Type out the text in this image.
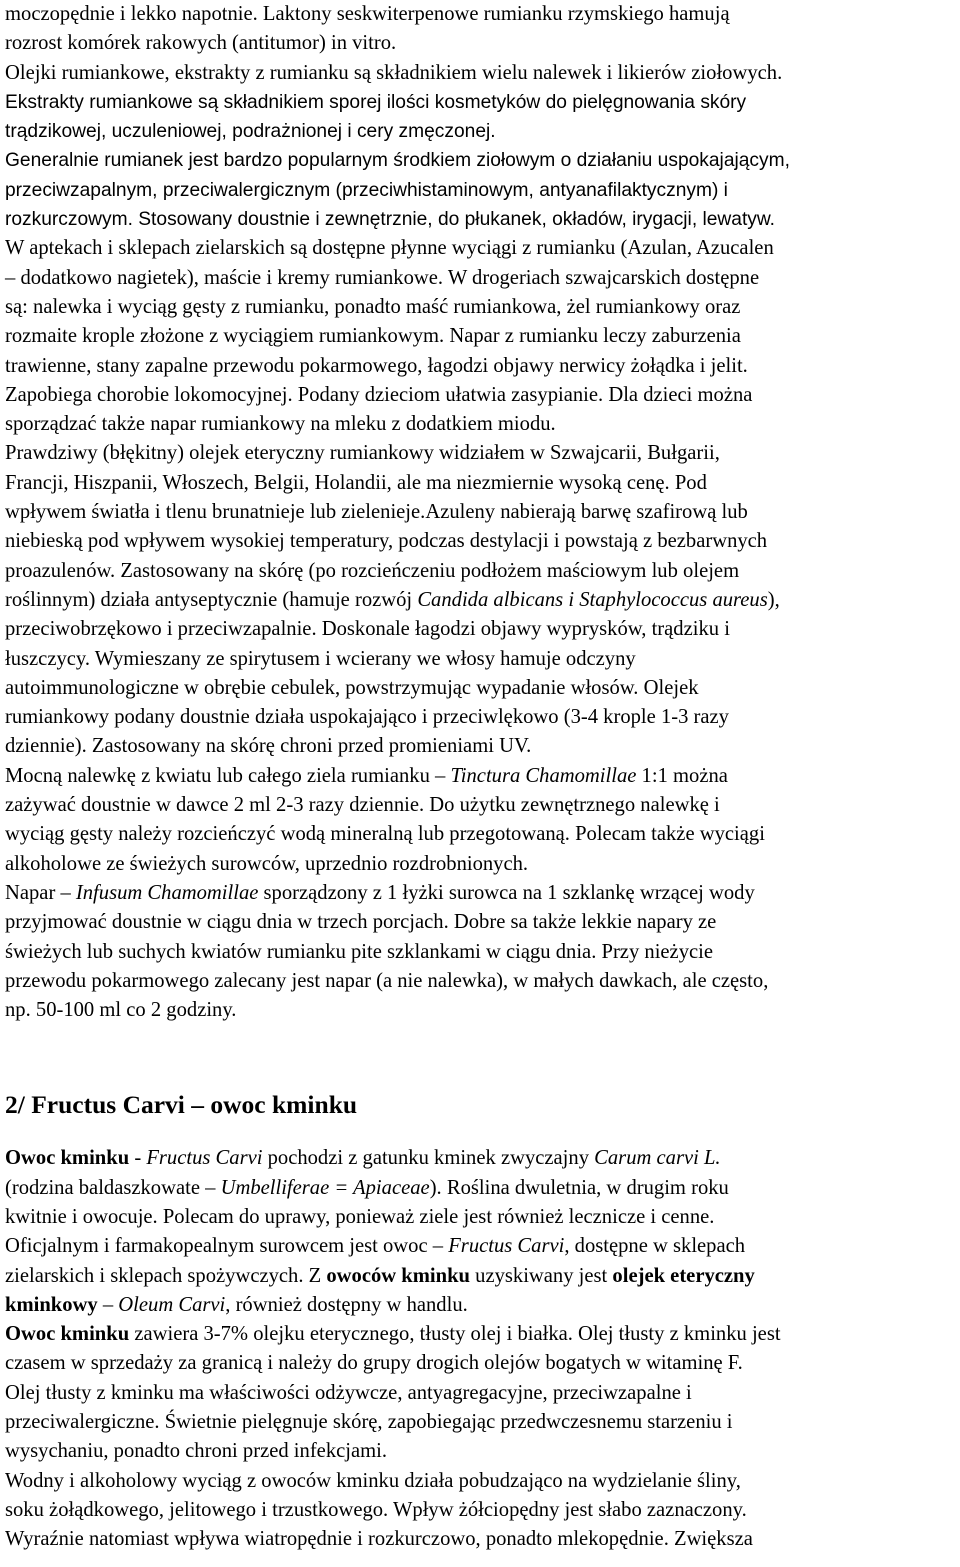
moczopędnie i lekko napotnie. Laktony seskwiterpenowe rumianku rzymskiego hamują
rozrost komórek rakowych (antitumor) in vitro.
Olejki rumiankowe, ekstrakty z rumianku są składnikiem wielu nalewek i likierów ziołowych.
Ekstrakty rumiankowe są składnikiem sporej ilości kosmetyków do pielęgnowania skóry
trądzikowej, uczuleniowej, podrażnionej i cery zmęczonej.
Generalnie rumianek jest bardzo popularnym środkiem ziołowym o działaniu uspokajającym,
przeciwzapalnym, przeciwalergicznym (przeciwhistaminowym, antyanafilaktycznym) i
rozkurczowym. Stosowany doustnie i zewnętrznie, do płukanek, okładów, irygacji, lewatyw.
W aptekach i sklepach zielarskich są dostępne płynne wyciągi z rumianku (Azulan, Azucalen
– dodatkowo nagietek), maście i kremy rumiankowe. W drogeriach szwajcarskich dostępne
są: nalewka i wyciąg gęsty z rumianku, ponadto maść rumiankowa, żel rumiankowy oraz
rozmaite krople złożone z wyciągiem rumiankowym. Napar z rumianku leczy zaburzenia
trawienne, stany zapalne przewodu pokarmowego, łagodzi objawy nerwicy żołądka i jelit.
Zapobiega chorobie lokomocyjnej. Podany dzieciom ułatwia zasypianie. Dla dzieci można
sporządzać także napar rumiankowy na mleku z dodatkiem miodu.
Prawdziwy (błękitny) olejek eteryczny rumiankowy widziałem w Szwajcarii, Bułgarii,
Francji, Hiszpanii, Włoszech, Belgii, Holandii, ale ma niezmiernie wysoką cenę. Pod
wpływem światła i tlenu brunatnieje lub zielenieje.Azuleny nabierają barwę szafirową lub
niebieską pod wpływem wysokiej temperatury, podczas destylacji i powstają z bezbarwnych
proazulenów. Zastosowany na skórę (po rozcieńczeniu podłożem maściowym lub olejem
roślinnym) działa antyseptycznie (hamuje rozwój Candida albicans i Staphylococcus aureus),
przeciwobrzękowo i przeciwzapalnie. Doskonale łagodzi objawy wyprysków, trądziku i
łuszczycy. Wymieszany ze spirytusem i wcierany we włosy hamuje odczyny
autoimmunologiczne w obrębie cebulek, powstrzymując wypadanie włosów. Olejek
rumiankowy podany doustnie działa uspokajająco i przeciwlękowo (3-4 krople 1-3 razy
dziennie). Zastosowany na skórę chroni przed promieniami UV.
Mocną nalewkę z kwiatu lub całego ziela rumianku – Tinctura Chamomillae 1:1 można
zażywać doustnie w dawce 2 ml 2-3 razy dziennie. Do użytku zewnętrznego nalewkę i
wyciąg gęsty należy rozcieńczyć wodą mineralną lub przegotowaną. Polecam także wyciągi
alkoholowe ze świeżych surowców, uprzednio rozdrobnionych.
Napar – Infusum Chamomillae sporządzony z 1 łyżki surowca na 1 szklankę wrzącej wody
przyjmować doustnie w ciągu dnia w trzech porcjach. Dobre sa także lekkie napary ze
świeżych lub suchych kwiatów rumianku pite szklankami w ciągu dnia. Przy nieżycie
przewodu pokarmowego zalecany jest napar (a nie nalewka), w małych dawkach, ale często,
np. 50-100 ml co 2 godziny.
2/ Fructus Carvi – owoc kminku
Owoc kminku - Fructus Carvi pochodzi z gatunku kminek zwyczajny Carum carvi L.
(rodzina baldaszkowate – Umbelliferae = Apiaceae). Roślina dwuletnia, w drugim roku
kwitnie i owocuje. Polecam do uprawy, ponieważ ziele jest również lecznicze i cenne.
Oficjalnym i farmakopealnym surowcem jest owoc – Fructus Carvi, dostępne w sklepach
zielarskich i sklepach spożywczych. Z owoców kminku uzyskiwany jest olejek eteryczny
kminkowy – Oleum Carvi, również dostępny w handlu.
Owoc kminku zawiera 3-7% olejku eterycznego, tłusty olej i białka. Olej tłusty z kminku jest
czasem w sprzedaży za granicą i należy do grupy drogich olejów bogatych w witaminę F.
Olej tłusty z kminku ma właściwości odżywcze, antyagregacyjne, przeciwzapalne i
przeciwalergiczne. Świetnie pielęgnuje skórę, zapobiegając przedwczesnemu starzeniu i
wysychaniu, ponadto chroni przed infekcjami.
Wodny i alkoholowy wyciąg z owoców kminku działa pobudzająco na wydzielanie śliny,
soku żołądkowego, jelitowego i trzustkowego. Wpływ żółciopędny jest słabo zaznaczony.
Wyraźnie natomiast wpływa wiatropędnie i rozkurczowo, ponadto mlekopędnie. Zwiększa
